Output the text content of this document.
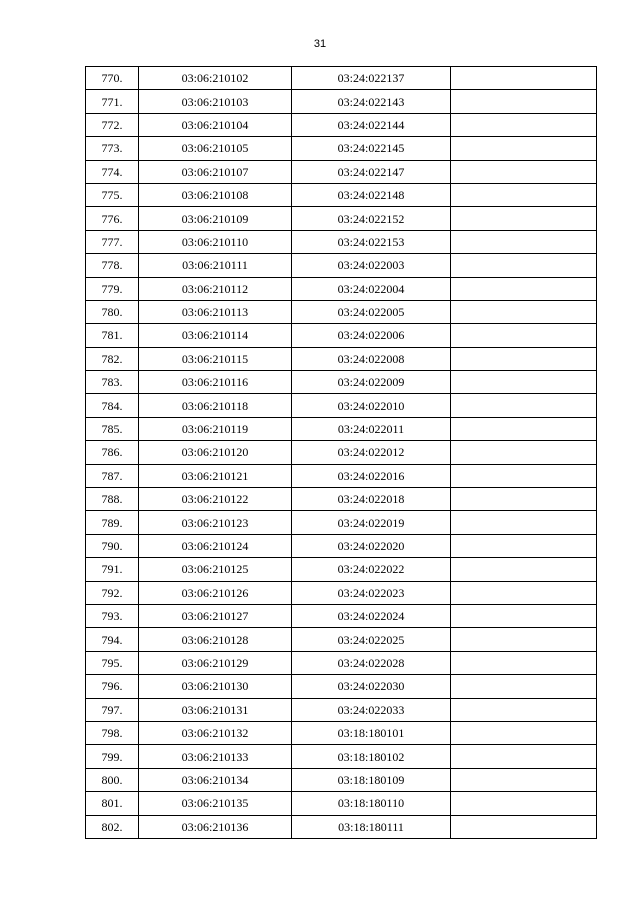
31
770.	03:06:210102	03:24:022137	
771.	03:06:210103	03:24:022143	
772.	03:06:210104	03:24:022144	
773.	03:06:210105	03:24:022145	
774.	03:06:210107	03:24:022147	
775.	03:06:210108	03:24:022148	
776.	03:06:210109	03:24:022152	
777.	03:06:210110	03:24:022153	
778.	03:06:210111	03:24:022003	
779.	03:06:210112	03:24:022004	
780.	03:06:210113	03:24:022005	
781.	03:06:210114	03:24:022006	
782.	03:06:210115	03:24:022008	
783.	03:06:210116	03:24:022009	
784.	03:06:210118	03:24:022010	
785.	03:06:210119	03:24:022011	
786.	03:06:210120	03:24:022012	
787.	03:06:210121	03:24:022016	
788.	03:06:210122	03:24:022018	
789.	03:06:210123	03:24:022019	
790.	03:06:210124	03:24:022020	
791.	03:06:210125	03:24:022022	
792.	03:06:210126	03:24:022023	
793.	03:06:210127	03:24:022024	
794.	03:06:210128	03:24:022025	
795.	03:06:210129	03:24:022028	
796.	03:06:210130	03:24:022030	
797.	03:06:210131	03:24:022033	
798.	03:06:210132	03:18:180101	
799.	03:06:210133	03:18:180102	
800.	03:06:210134	03:18:180109	
801.	03:06:210135	03:18:180110	
802.	03:06:210136	03:18:180111	
